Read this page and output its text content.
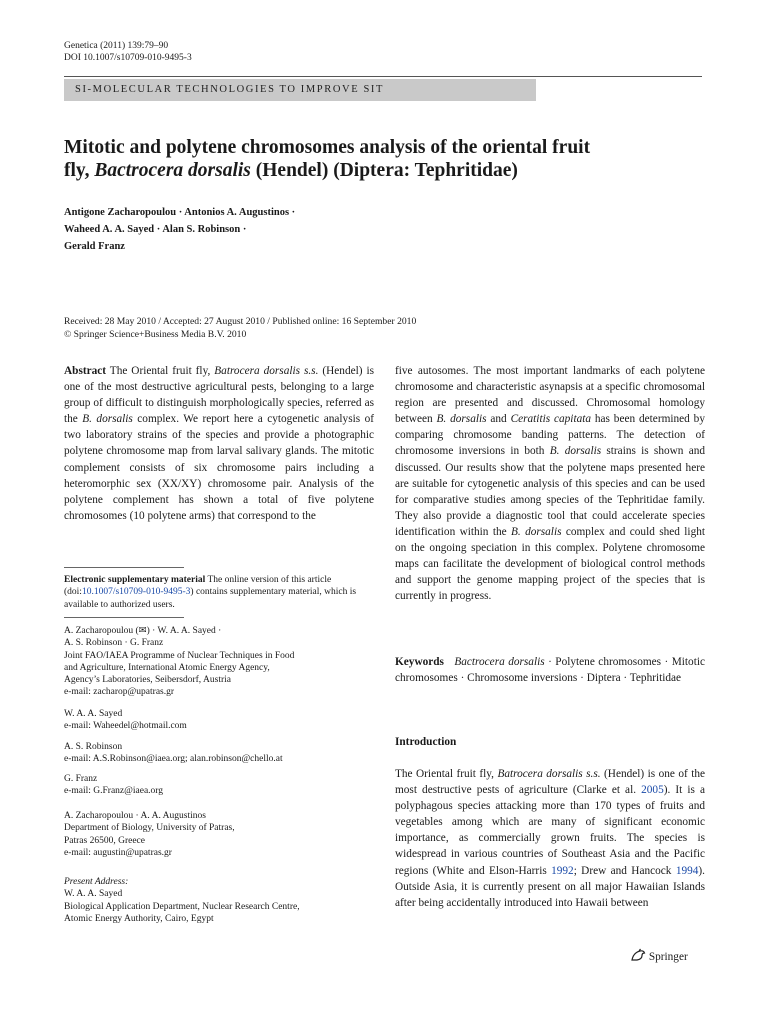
Genetica (2011) 139:79–90
DOI 10.1007/s10709-010-9495-3
SI-MOLECULAR TECHNOLOGIES TO IMPROVE SIT
Mitotic and polytene chromosomes analysis of the oriental fruit
fly, Bactrocera dorsalis (Hendel) (Diptera: Tephritidae)
Antigone Zacharopoulou · Antonios A. Augustinos ·
Waheed A. A. Sayed · Alan S. Robinson ·
Gerald Franz
Received: 28 May 2010 / Accepted: 27 August 2010 / Published online: 16 September 2010
© Springer Science+Business Media B.V. 2010
Abstract The Oriental fruit fly, Batrocera dorsalis s.s. (Hendel) is one of the most destructive agricultural pests, belonging to a large group of difficult to distinguish morphologically species, referred as the B. dorsalis complex. We report here a cytogenetic analysis of two laboratory strains of the species and provide a photographic polytene chromosome map from larval salivary glands. The mitotic complement consists of six chromosome pairs including a heteromorphic sex (XX/XY) chromosome pair. Analysis of the polytene complement has shown a total of five polytene chromosomes (10 polytene arms) that correspond to the
Electronic supplementary material The online version of this article (doi:10.1007/s10709-010-9495-3) contains supplementary material, which is available to authorized users.

A. Zacharopoulou (✉) · W. A. A. Sayed ·

A. S. Robinson · G. Franz

Joint FAO/IAEA Programme of Nuclear Techniques in Food

and Agriculture, International Atomic Energy Agency,

Agency’s Laboratories, Seibersdorf, Austria

e-mail: zacharop@upatras.gr

W. A. A. Sayed

e-mail: Waheedel@hotmail.com

A. S. Robinson

e-mail: A.S.Robinson@iaea.org; alan.robinson@chello.at

G. Franz

e-mail: G.Franz@iaea.org

A. Zacharopoulou · A. A. Augustinos

Department of Biology, University of Patras,

Patras 26500, Greece

e-mail: augustin@upatras.gr

Present Address:

W. A. A. Sayed

Biological Application Department, Nuclear Research Centre,

Atomic Energy Authority, Cairo, Egypt

five autosomes. The most important landmarks of each polytene chromosome and characteristic asynapsis at a specific chromosomal region are presented and discussed. Chromosomal homology between B. dorsalis and Ceratitis capitata has been determined by comparing chromosome banding patterns. The detection of chromosome inversions in both B. dorsalis strains is shown and discussed. Our results show that the polytene maps presented here are suitable for cytogenetic analysis of this species and can be used for comparative studies among species of the Tephritidae family. They also provide a diagnostic tool that could accelerate species identification within the B. dorsalis complex and could shed light on the ongoing speciation in this complex. Polytene chromosome maps can facilitate the development of biological control methods and support the genome mapping project of the species that is currently in progress.
Keywords Bactrocera dorsalis · Polytene chromosomes · Mitotic chromosomes · Chromosome inversions · Diptera · Tephritidae
Introduction
The Oriental fruit fly, Batrocera dorsalis s.s. (Hendel) is one of the most destructive pests of agriculture (Clarke et al. 2005). It is a polyphagous species attacking more than 170 types of fruits and vegetables among which are many of significant economic importance, as commercially grown fruits. The species is widespread in various countries of Southeast Asia and the Pacific regions (White and Elson-Harris 1992; Drew and Hancock 1994). Outside Asia, it is currently present on all major Hawaiian Islands after being accidentally introduced into Hawaii between
Springer
